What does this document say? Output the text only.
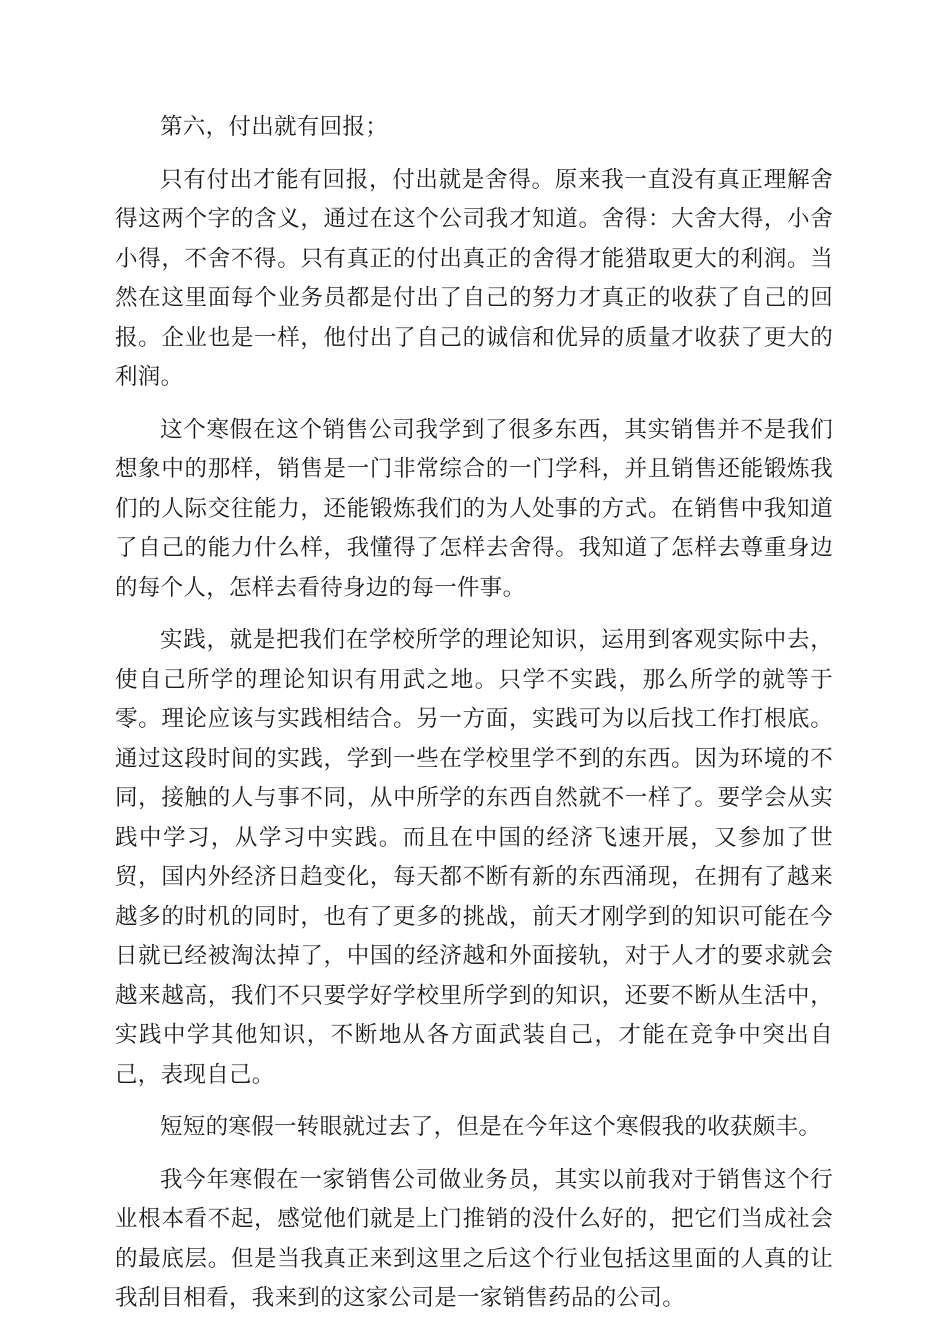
第六，付出就有回报；

只有付出才能有回报，付出就是舍得。原来我一直没有真正理解舍得这两个字的含义，通过在这个公司我才知道。舍得：大舍大得，小舍小得，不舍不得。只有真正的付出真正的舍得才能猎取更大的利润。当然在这里面每个业务员都是付出了自己的努力才真正的收获了自己的回报。企业也是一样，他付出了自己的诚信和优异的质量才收获了更大的利润。

这个寒假在这个销售公司我学到了很多东西，其实销售并不是我们想象中的那样，销售是一门非常综合的一门学科，并且销售还能锻炼我们的人际交往能力，还能锻炼我们的为人处事的方式。在销售中我知道了自己的能力什么样，我懂得了怎样去舍得。我知道了怎样去尊重身边的每个人，怎样去看待身边的每一件事。

实践，就是把我们在学校所学的理论知识，运用到客观实际中去，使自己所学的理论知识有用武之地。只学不实践，那么所学的就等于零。理论应该与实践相结合。另一方面，实践可为以后找工作打根底。通过这段时间的实践，学到一些在学校里学不到的东西。因为环境的不同，接触的人与事不同，从中所学的东西自然就不一样了。要学会从实践中学习，从学习中实践。而且在中国的经济飞速开展，又参加了世贸，国内外经济日趋变化，每天都不断有新的东西涌现，在拥有了越来越多的时机的同时，也有了更多的挑战，前天才刚学到的知识可能在今日就已经被淘汰掉了，中国的经济越和外面接轨，对于人才的要求就会越来越高，我们不只要学好学校里所学到的知识，还要不断从生活中，实践中学其他知识，不断地从各方面武装自己，才能在竞争中突出自己，表现自己。

短短的寒假一转眼就过去了，但是在今年这个寒假我的收获颇丰。

我今年寒假在一家销售公司做业务员，其实以前我对于销售这个行业根本看不起，感觉他们就是上门推销的没什么好的，把它们当成社会的最底层。但是当我真正来到这里之后这个行业包括这里面的人真的让我刮目相看，我来到的这家公司是一家销售药品的公司。
